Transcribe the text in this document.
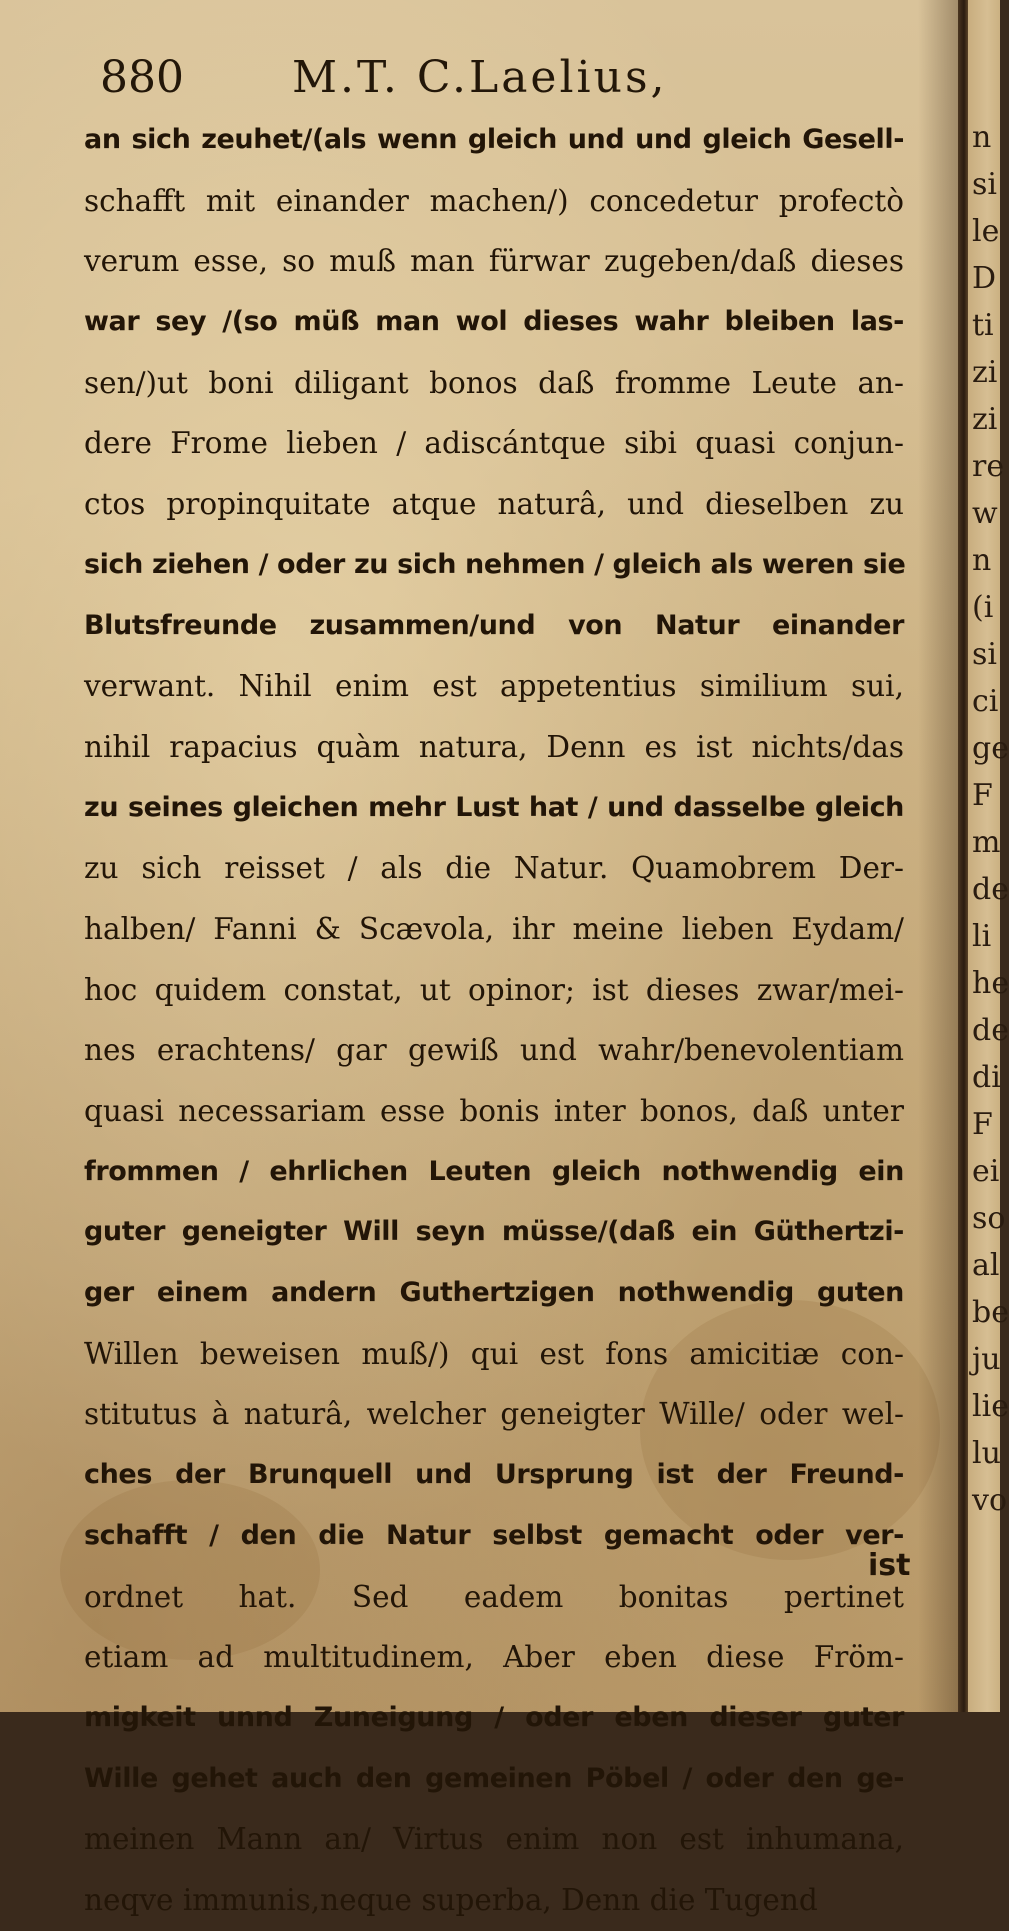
880 M.T. C.Laelius,
an sich zeuhet/(als wenn gleich und und gleich Gesell-
schafft mit einander machen/) concedetur profectò
verum esse, so muß man fürwar zugeben/daß dieses
war sey /(so müß man wol dieses wahr bleiben las-
sen/)ut boni diligant bonos daß fromme Leute an-
dere Frome lieben / adiscántque sibi quasi conjun-
ctos propinquitate atque naturâ, und dieselben zu
sich ziehen / oder zu sich nehmen / gleich als weren sie
Blutsfreunde zusammen/und von Natur einander
verwant. Nihil enim est appetentius similium sui,
nihil rapacius quàm natura, Denn es ist nichts/das
zu seines gleichen mehr Lust hat / und dasselbe gleich
zu sich reisset / als die Natur. Quamobrem Der-
halben/ Fanni & Scævola, ihr meine lieben Eydam/
hoc quidem constat, ut opinor; ist dieses zwar/mei-
nes erachtens/ gar gewiß und wahr/benevolentiam
quasi necessariam esse bonis inter bonos, daß unter
frommen / ehrlichen Leuten gleich nothwendig ein
guter geneigter Will seyn müsse/(daß ein Güthertzi-
ger einem andern Guthertzigen nothwendig guten
Willen beweisen muß/) qui est fons amicitiæ con-
stitutus à naturâ, welcher geneigter Wille/ oder wel-
ches der Brunquell und Ursprung ist der Freund-
schafft / den die Natur selbst gemacht oder ver-
ordnet hat. Sed eadem bonitas pertinet
etiam ad multitudinem, Aber eben diese Fröm-
migkeit unnd Zuneigung / oder eben dieser guter
Wille gehet auch den gemeinen Pöbel / oder den ge-
meinen Mann an/ Virtus enim non est inhumana,
neqve immunis,neque superba, Denn die Tugend
ist
n
si
le
D
ti
zi
zi
re
w
n
(i
si
ci
ge
F
m
de
li
he
de
di
F
ei
so
al
be
ju
lie
lu
vo
